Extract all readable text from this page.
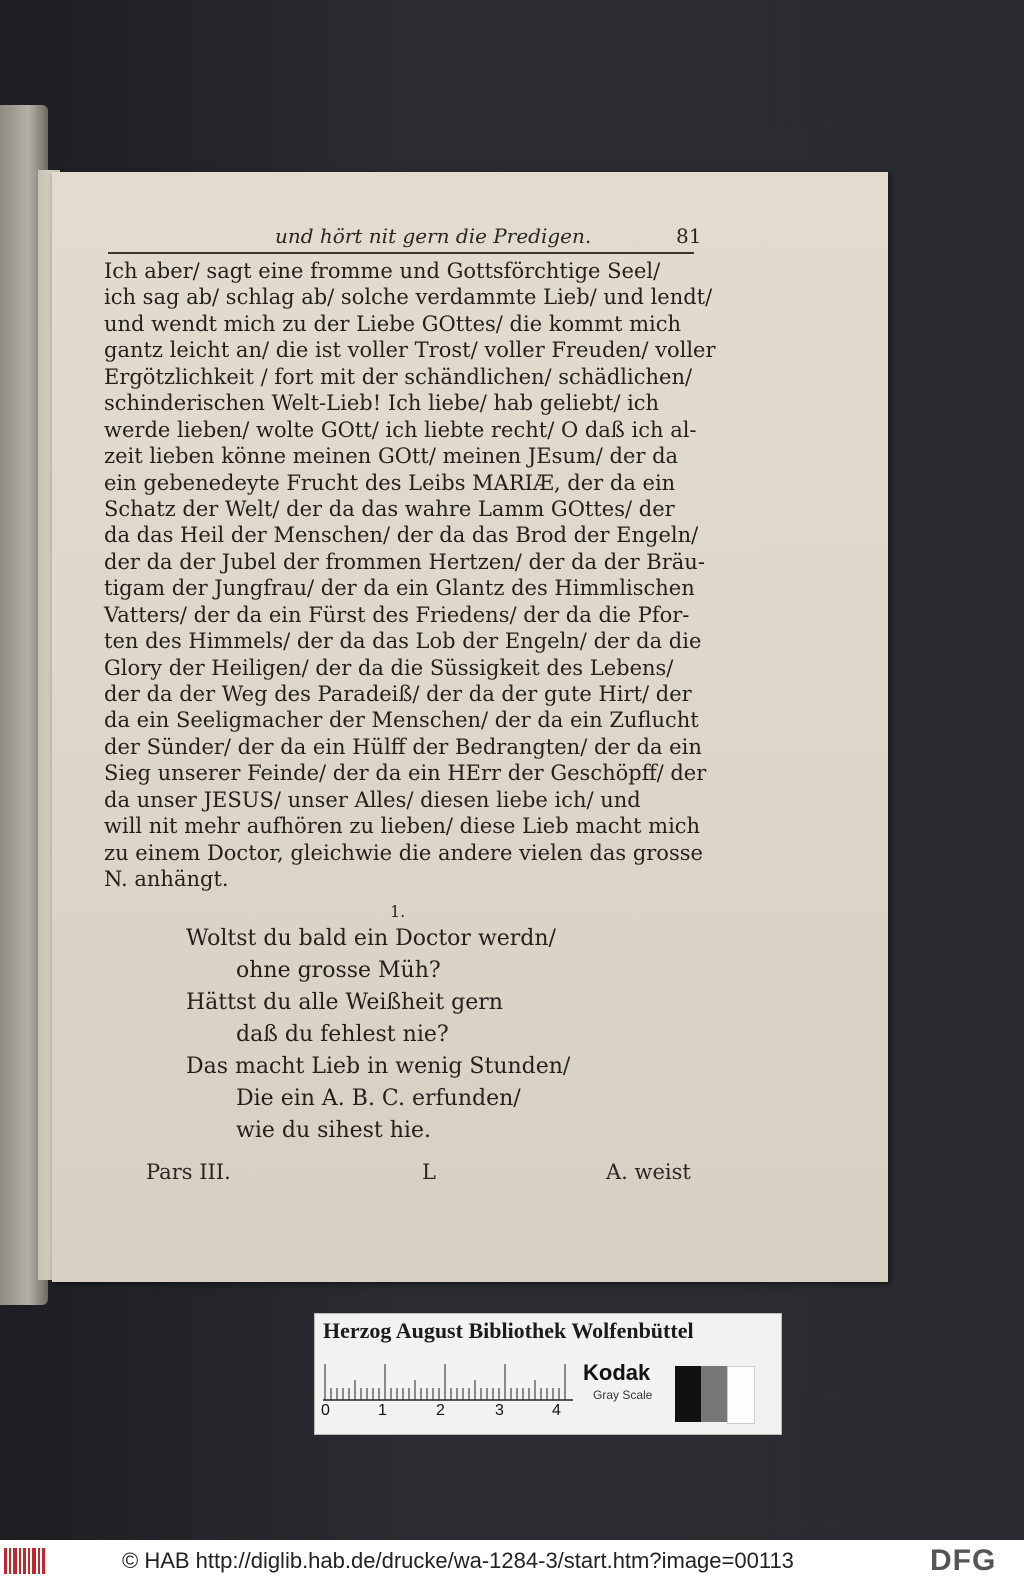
und hört nit gern die Predigen.	81
Ich aber/ sagt eine fromme und Gottsförchtige Seel/
ich sag ab/ schlag ab/ solche verdammte Lieb/ und lendt/
und wendt mich zu der Liebe GOttes/ die kommt mich
gantz leicht an/ die ist voller Trost/ voller Freuden/ voller
Ergötzlichkeit / fort mit der schändlichen/ schädlichen/
schinderischen Welt-Lieb! Ich liebe/ hab geliebt/ ich
werde lieben/ wolte GOtt/ ich liebte recht/ O daß ich al-
zeit lieben könne meinen GOtt/ meinen JEsum/ der da
ein gebenedeyte Frucht des Leibs MARIÆ, der da ein
Schatz der Welt/ der da das wahre Lamm GOttes/ der
da das Heil der Menschen/ der da das Brod der Engeln/
der da der Jubel der frommen Hertzen/ der da der Bräu-
tigam der Jungfrau/ der da ein Glantz des Himmlischen
Vatters/ der da ein Fürst des Friedens/ der da die Pfor-
ten des Himmels/ der da das Lob der Engeln/ der da die
Glory der Heiligen/ der da die Süssigkeit des Lebens/
der da der Weg des Paradeiß/ der da der gute Hirt/ der
da ein Seeligmacher der Menschen/ der da ein Zuflucht
der Sünder/ der da ein Hülff der Bedrangten/ der da ein
Sieg unserer Feinde/ der da ein HErr der Geschöpff/ der
da unser JESUS/ unser Alles/ diesen liebe ich/ und
will nit mehr aufhören zu lieben/ diese Lieb macht mich
zu einem Doctor, gleichwie die andere vielen das grosse
N. anhängt.
1.
Woltst du bald ein Doctor werdn/
ohne grosse Müh?
Hättst du alle Weißheit gern
daß du fehlest nie?
Das macht Lieb in wenig Stunden/
Die ein A. B. C. erfunden/
wie du sihest hie.
Pars III.	L	A. weist
Herzog August Bibliothek Wolfenbüttel
0	1	2	3	4
Kodak
Gray Scale
© HAB http://diglib.hab.de/drucke/wa-1284-3/start.htm?image=00113	DFG
